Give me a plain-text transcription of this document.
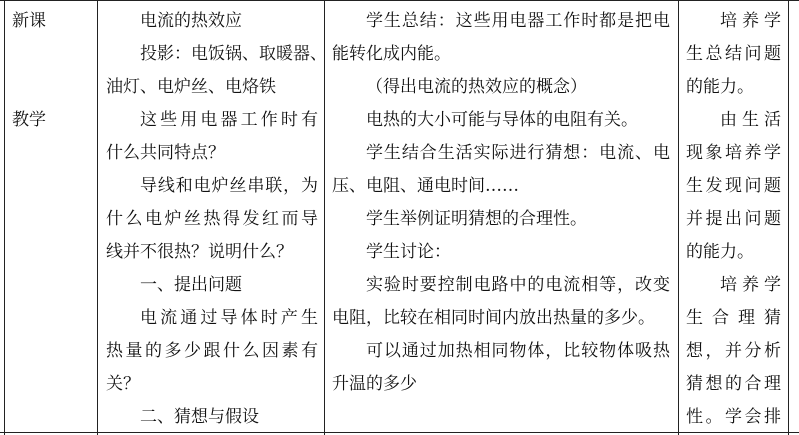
新课
教学
电流的热效应
投影：电饭锅、取暖器、
油灯、电炉丝、电烙铁
这些用电器工作时有
什么共同特点？
导线和电炉丝串联，为
什么电炉丝热得发红而导
线并不很热？说明什么？
一、提出问题
电流通过导体时产生
热量的多少跟什么因素有
关？
二、猜想与假设
学生总结：这些用电器工作时都是把电
能转化成内能。
（得出电流的热效应的概念）
电热的大小可能与导体的电阻有关。
学生结合生活实际进行猜想：电流、电
压、电阻、通电时间……
学生举例证明猜想的合理性。
学生讨论：
实验时要控制电路中的电流相等，改变
电阻，比较在相同时间内放出热量的多少。
可以通过加热相同物体，比较物体吸热
升温的多少
培养学
生总结问题
的能力。
由生活
现象培养学
生发现问题
并提出问题
的能力。
培养学
生合理猜
想，并分析
猜想的合理
性。学会排
